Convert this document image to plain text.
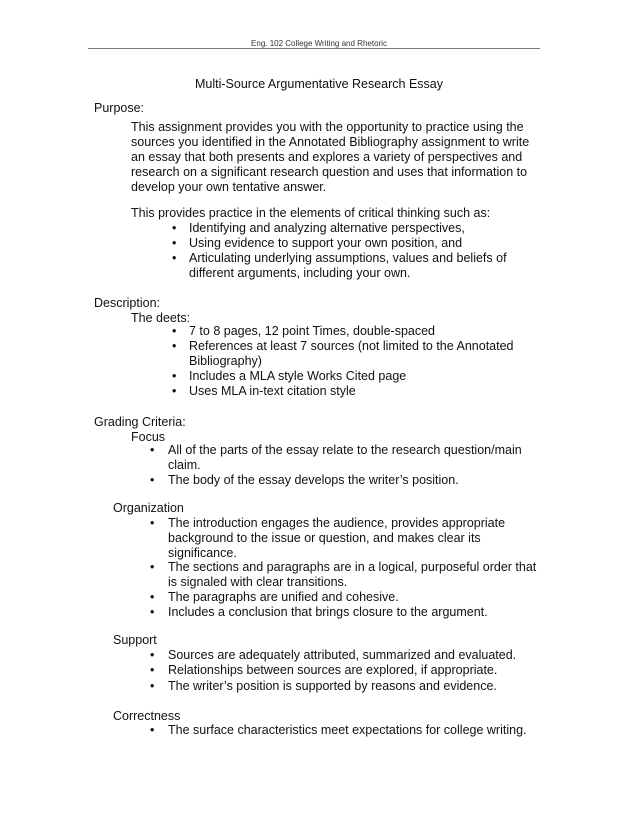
Eng. 102 College Writing and Rhetoric
Multi-Source Argumentative Research Essay
Purpose:
This assignment provides you with the opportunity to practice using the
sources you identified in the Annotated Bibliography assignment to write
an essay that both presents and explores a variety of perspectives and
research on a significant research question and uses that information to
develop your own tentative answer.
This provides practice in the elements of critical thinking such as:
• Identifying and analyzing alternative perspectives,
• Using evidence to support your own position, and
• Articulating underlying assumptions, values and beliefs of
different arguments, including your own.
• 7 to 8 pages, 12 point Times, double-spaced
• References at least 7 sources (not limited to the Annotated
Bibliography)
• Includes a MLA style Works Cited page
• Uses MLA in-text citation style
• All of the parts of the essay relate to the research question/main
claim.
• The body of the essay develops the writer’s position.
• The introduction engages the audience, provides appropriate
background to the issue or question, and makes clear its
significance.
• The sections and paragraphs are in a logical, purposeful order that
is signaled with clear transitions.
• The paragraphs are unified and cohesive.
• Includes a conclusion that brings closure to the argument.
• Sources are adequately attributed, summarized and evaluated.
• Relationships between sources are explored, if appropriate.
• The writer’s position is supported by reasons and evidence.
• The surface characteristics meet expectations for college writing.
Description:
The deets:
Grading Criteria:
Focus
Organization
Support
Correctness
